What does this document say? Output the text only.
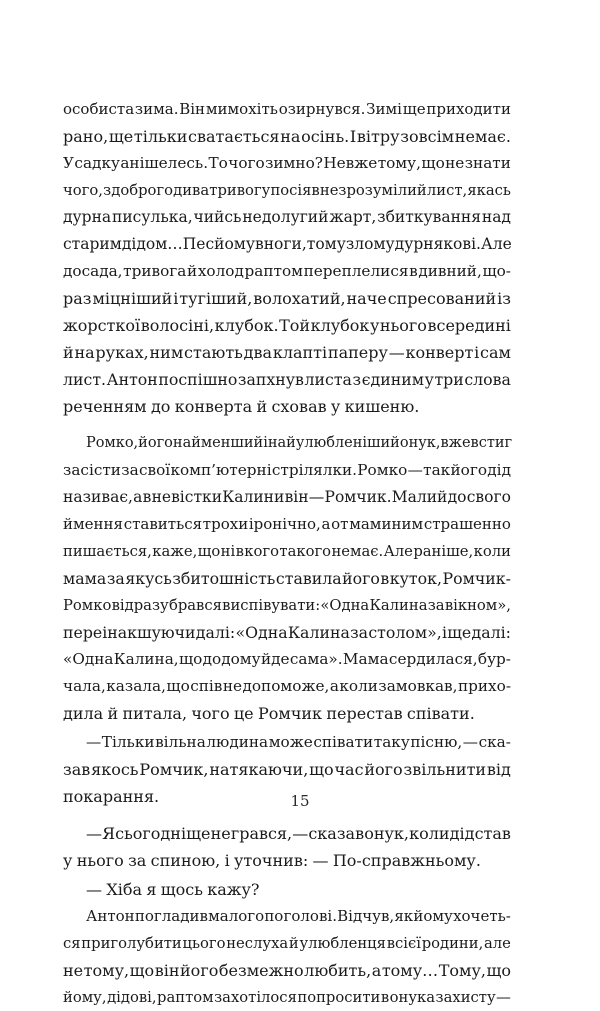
особиста зима. Він мимохіть озирнувся. Зимі ще приходити
рано, ще тільки сватається на осінь. І вітру зовсім немає.
У садку анішелесь. То чого зимно? Невже тому, що не знати
чого, з доброго дива тривогу посіяв незрозумілий лист, якась
дурна писулька, чийсь недолугий жарт, збиткування над
старим дідом… Пес йому в ноги, тому злому дурнякові. Але
досада, тривога й холод раптом переплелися в дивний, що-
раз міцніший і тугіший, волохатий, наче спресований із
жорсткої волосіні, клубок. Той клубок у нього всередині
й на руках, ним стають два клапті паперу — конверт і сам
лист. Антон поспішно запхнув листа з єдиним у три слова
реченням до конверта й сховав у кишеню.
Ромко, його найменший і найулюбленіший онук, вже встиг
засісти за свої комп’ютерні стрілялки. Ромко — так його дід
називає, а в невістки Калини він — Ромчик. Малий до свого
ймення ставиться трохи іронічно, а от маминим страшенно
пишається, каже, що ні в кого такого немає. Але раніше, коли
мама за якусь збитошність ставила його в куток, Ромчик-
Ромко відразу брався виспівувати: «Одна Калина за вікном»,
переінакшуючи далі: «Одна Калина за столом», і ще далі:
«Одна Калина, що додому йде сама». Мама сердилася, бур-
чала, казала, що спів не допоможе, а коли замовкав, прихо-
дила й питала, чого це Ромчик перестав співати.
— Тільки вільна людина може співати таку пісню, — ска-
зав якось Ромчик, натякаючи, що час його звільнити від
покарання.
— Я сьогодні ще не грався, — сказав онук, коли дід став
у нього за спиною, і уточнив: — По-справжньому.
— Хіба я щось кажу?
Антон погладив малого по голові. Відчув, як йому хочеть-
ся приголубити цього неслуха й улюбленця всієї родини, але
не тому, що він його безмежно любить, а тому… Тому, що
йому, дідові, раптом захотілося попросити в онука захисту —
15
